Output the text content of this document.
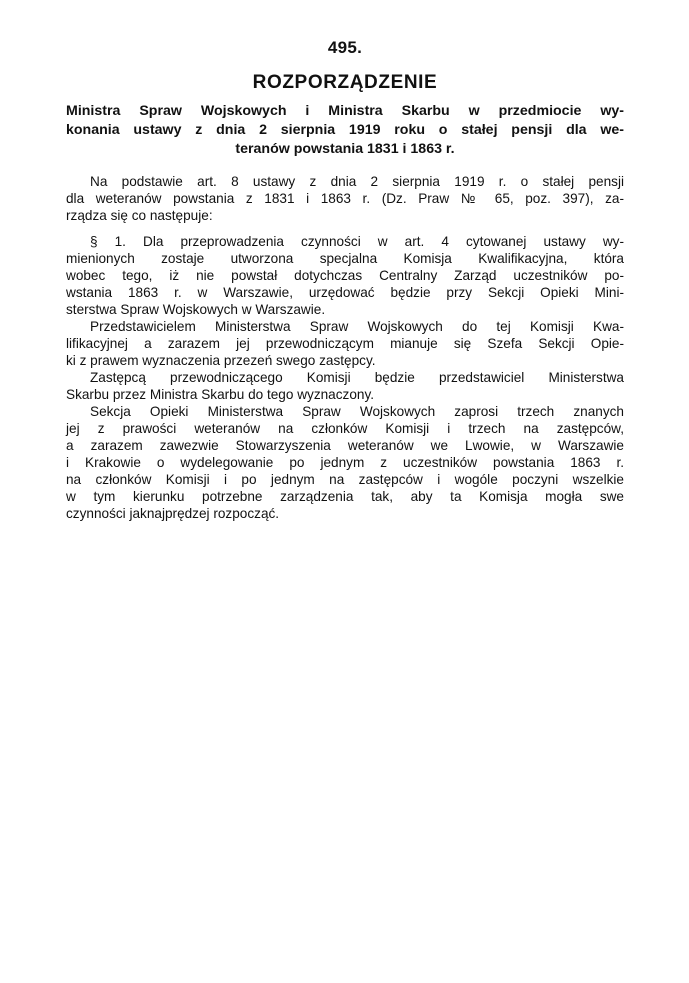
495.
ROZPORZĄDZENIE
Ministra Spraw Wojskowych i Ministra Skarbu w przedmiocie wy-
konania ustawy z dnia 2 sierpnia 1919 roku o stałej pensji dla we-
teranów powstania 1831 i 1863 r.
Na podstawie art. 8 ustawy z dnia 2 sierpnia 1919 r. o stałej pensji
dla weteranów powstania z 1831 i 1863 r. (Dz. Praw № 65, poz. 397), za-
rządza się co następuje:
§ 1. Dla przeprowadzenia czynności w art. 4 cytowanej ustawy wy-
mienionych zostaje utworzona specjalna Komisja Kwalifikacyjna, która
wobec tego, iż nie powstał dotychczas Centralny Zarząd uczestników po-
wstania 1863 r. w Warszawie, urzędować będzie przy Sekcji Opieki Mini-
sterstwa Spraw Wojskowych w Warszawie.
Przedstawicielem Ministerstwa Spraw Wojskowych do tej Komisji Kwa-
lifikacyjnej a zarazem jej przewodniczącym mianuje się Szefa Sekcji Opie-
ki z prawem wyznaczenia przezeń swego zastępcy.
Zastępcą przewodniczącego Komisji będzie przedstawiciel Ministerstwa
Skarbu przez Ministra Skarbu do tego wyznaczony.
Sekcja Opieki Ministerstwa Spraw Wojskowych zaprosi trzech znanych
jej z prawości weteranów na członków Komisji i trzech na zastępców,
a zarazem zawezwie Stowarzyszenia weteranów we Lwowie, w Warszawie
i Krakowie o wydelegowanie po jednym z uczestników powstania 1863 r.
na członków Komisji i po jednym na zastępców i wogóle poczyni wszelkie
w tym kierunku potrzebne zarządzenia tak, aby ta Komisja mogła swe
czynności jaknajprędzej rozpocząć.
